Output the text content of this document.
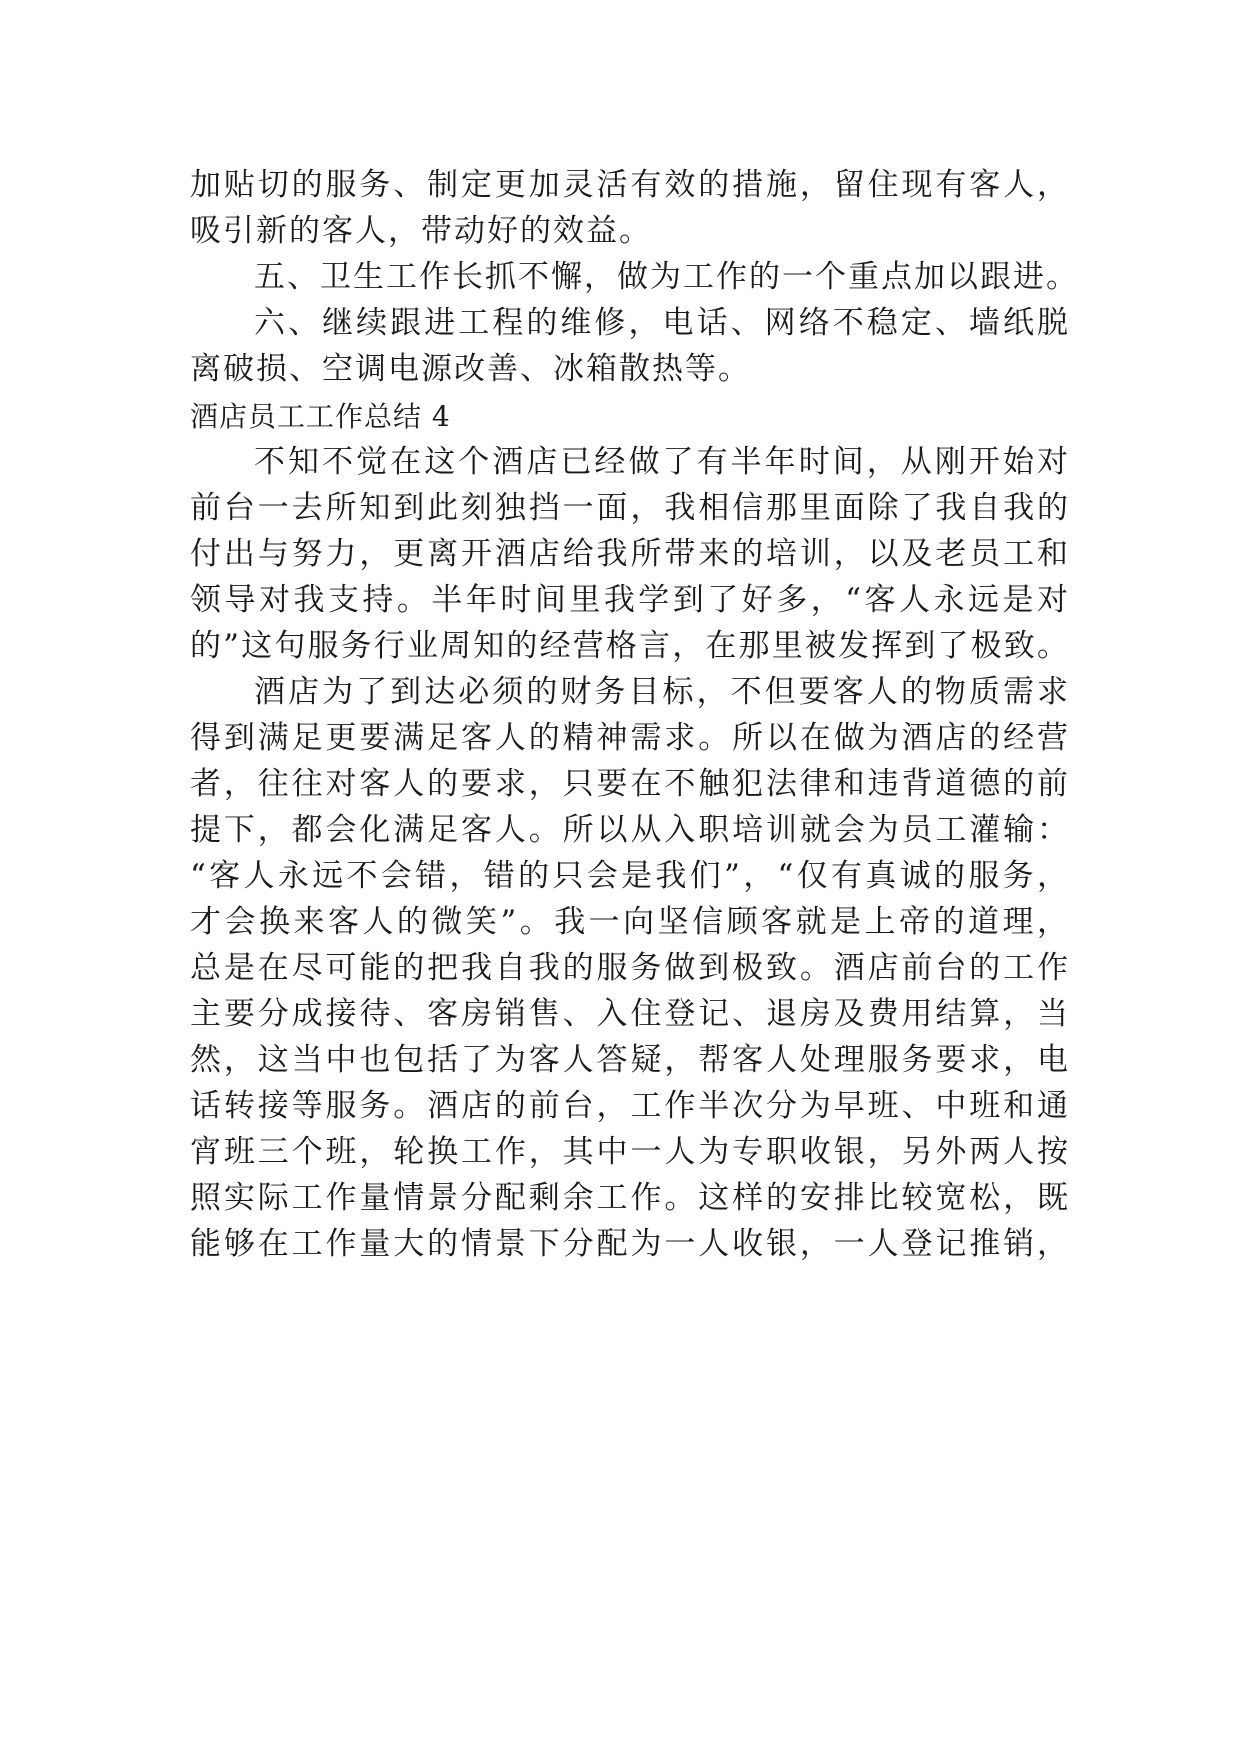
加贴切的服务、制定更加灵活有效的措施，留住现有客人，
吸引新的客人，带动好的效益。
五、卫生工作长抓不懈，做为工作的一个重点加以跟进。
六、继续跟进工程的维修，电话、网络不稳定、墙纸脱
离破损、空调电源改善、冰箱散热等。
酒店员工工作总结 4
不知不觉在这个酒店已经做了有半年时间，从刚开始对
前台一去所知到此刻独挡一面，我相信那里面除了我自我的
付出与努力，更离开酒店给我所带来的培训，以及老员工和
领导对我支持。半年时间里我学到了好多，“客人永远是对
的”这句服务行业周知的经营格言，在那里被发挥到了极致。
酒店为了到达必须的财务目标，不但要客人的物质需求
得到满足更要满足客人的精神需求。所以在做为酒店的经营
者，往往对客人的要求，只要在不触犯法律和违背道德的前
提下，都会化满足客人。所以从入职培训就会为员工灌输：
“客人永远不会错，错的只会是我们”，“仅有真诚的服务，
才会换来客人的微笑”。我一向坚信顾客就是上帝的道理，
总是在尽可能的把我自我的服务做到极致。酒店前台的工作
主要分成接待、客房销售、入住登记、退房及费用结算，当
然，这当中也包括了为客人答疑，帮客人处理服务要求，电
话转接等服务。酒店的前台，工作半次分为早班、中班和通
宵班三个班，轮换工作，其中一人为专职收银，另外两人按
照实际工作量情景分配剩余工作。这样的安排比较宽松，既
能够在工作量大的情景下分配为一人收银，一人登记推销，
